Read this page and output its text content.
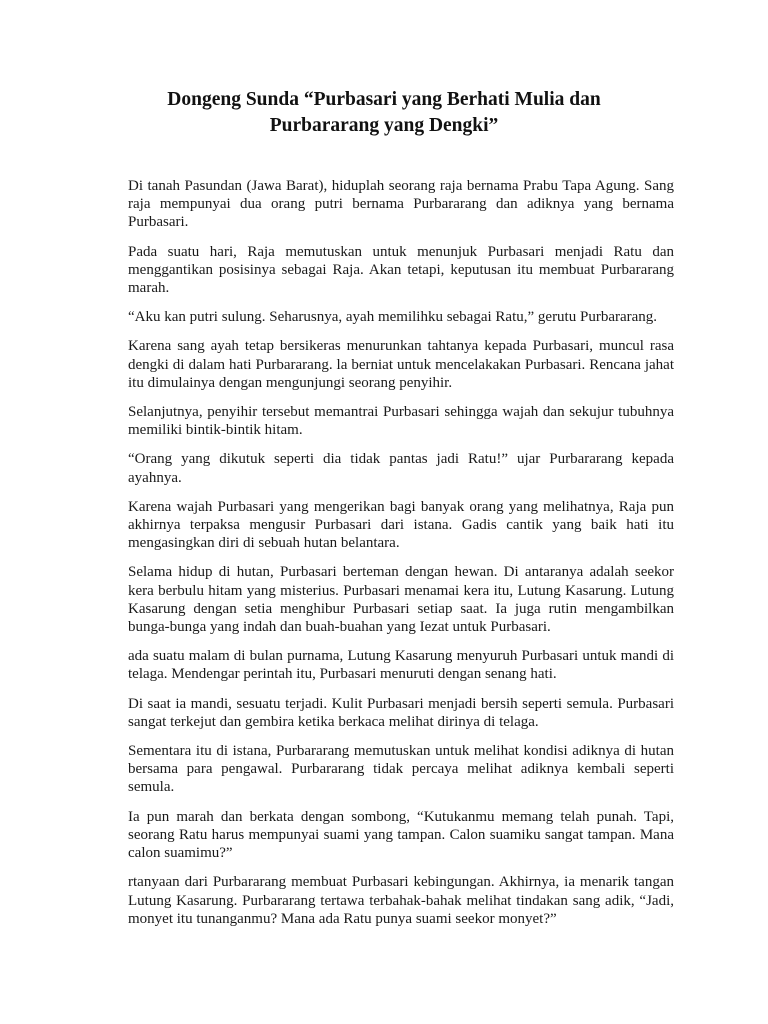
Dongeng Sunda “Purbasari yang Berhati Mulia dan
Purbararang yang Dengki”

Di tanah Pasundan (Jawa Barat), hiduplah seorang raja bernama Prabu Tapa Agung. Sang raja mempunyai dua orang putri bernama Purbararang dan adiknya yang bernama Purbasari.

Pada suatu hari, Raja memutuskan untuk menunjuk Purbasari menjadi Ratu dan menggantikan posisinya sebagai Raja. Akan tetapi, keputusan itu membuat Purbararang marah.

“Aku kan putri sulung. Seharusnya, ayah memilihku sebagai Ratu,” gerutu Purbararang.

Karena sang ayah tetap bersikeras menurunkan tahtanya kepada Purbasari, muncul rasa dengki di dalam hati Purbararang. la berniat untuk mencelakakan Purbasari. Rencana jahat itu dimulainya dengan mengunjungi seorang penyihir.

Selanjutnya, penyihir tersebut memantrai Purbasari sehingga wajah dan sekujur tubuhnya memiliki bintik-bintik hitam.

“Orang yang dikutuk seperti dia tidak pantas jadi Ratu!” ujar Purbararang kepada ayahnya.

Karena wajah Purbasari yang mengerikan bagi banyak orang yang melihatnya, Raja pun akhirnya terpaksa mengusir Purbasari dari istana. Gadis cantik yang baik hati itu mengasingkan diri di sebuah hutan belantara.

Selama hidup di hutan, Purbasari berteman dengan hewan. Di antaranya adalah seekor kera berbulu hitam yang misterius. Purbasari menamai kera itu, Lutung Kasarung. Lutung Kasarung dengan setia menghibur Purbasari setiap saat. Ia juga rutin mengambilkan bunga-bunga yang indah dan buah-buahan yang Iezat untuk Purbasari.

ada suatu malam di bulan purnama, Lutung Kasarung menyuruh Purbasari untuk mandi di telaga. Mendengar perintah itu, Purbasari menuruti dengan senang hati.

Di saat ia mandi, sesuatu terjadi. Kulit Purbasari menjadi bersih seperti semula. Purbasari sangat terkejut dan gembira ketika berkaca melihat dirinya di telaga.

Sementara itu di istana, Purbararang memutuskan untuk melihat kondisi adiknya di hutan bersama para pengawal. Purbararang tidak percaya melihat adiknya kembali seperti semula.

Ia pun marah dan berkata dengan sombong, “Kutukanmu memang telah punah. Tapi, seorang Ratu harus mempunyai suami yang tampan. Calon suamiku sangat tampan. Mana calon suamimu?”

rtanyaan dari Purbararang membuat Purbasari kebingungan. Akhirnya, ia menarik tangan Lutung Kasarung. Purbararang tertawa terbahak-bahak melihat tindakan sang adik, “Jadi, monyet itu tunanganmu? Mana ada Ratu punya suami seekor monyet?”
